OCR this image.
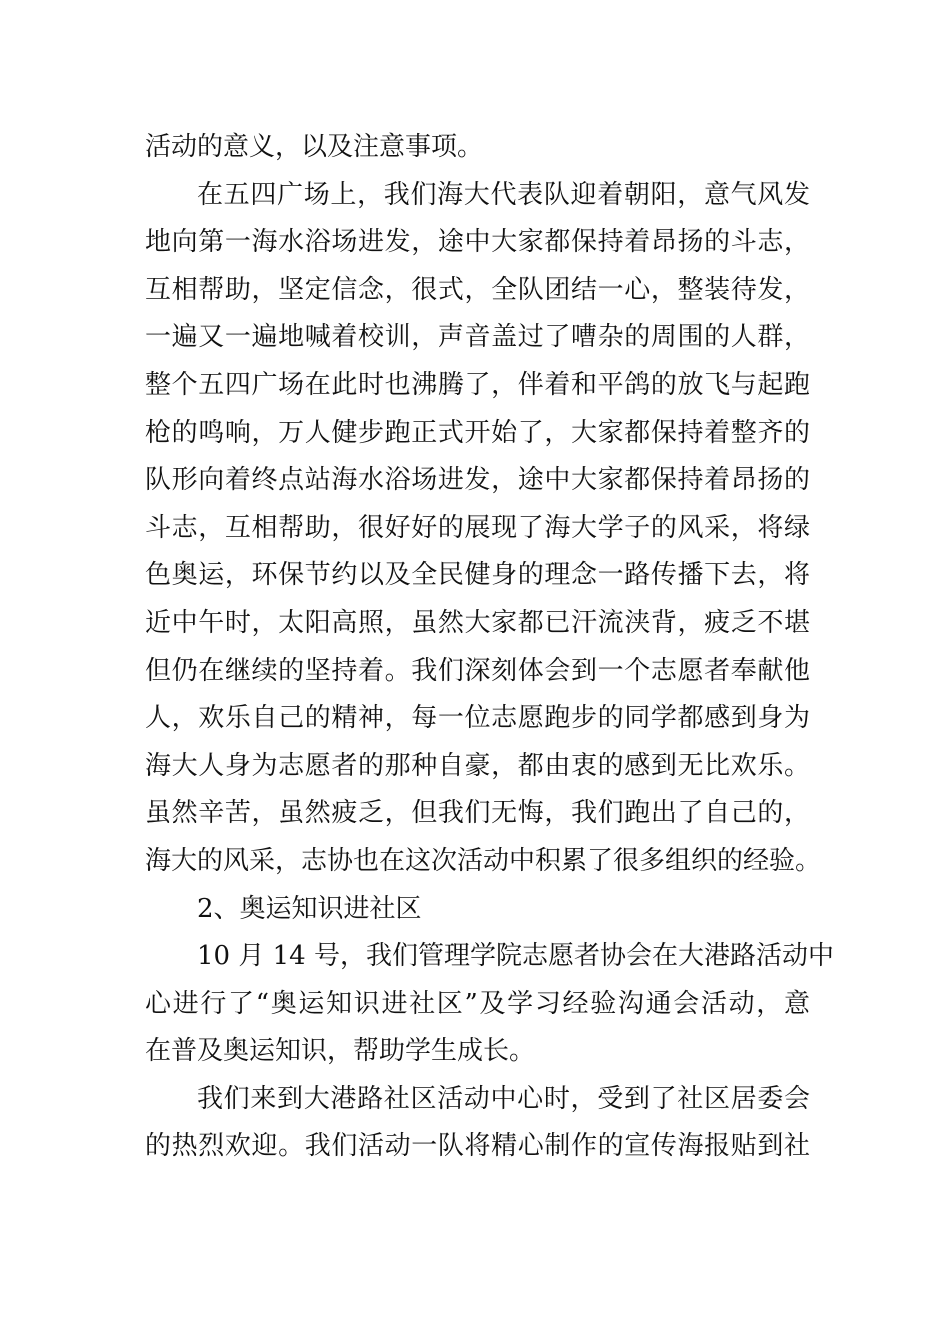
活动的意义，以及注意事项。
在五四广场上，我们海大代表队迎着朝阳，意气风发
地向第一海水浴场进发，途中大家都保持着昂扬的斗志，
互相帮助，坚定信念，很式，全队团结一心，整装待发，
一遍又一遍地喊着校训，声音盖过了嘈杂的周围的人群，
整个五四广场在此时也沸腾了，伴着和平鸽的放飞与起跑
枪的鸣响，万人健步跑正式开始了，大家都保持着整齐的
队形向着终点站海水浴场进发，途中大家都保持着昂扬的
斗志，互相帮助，很好好的展现了海大学子的风采，将绿
色奥运，环保节约以及全民健身的理念一路传播下去，将
近中午时，太阳高照，虽然大家都已汗流浃背，疲乏不堪
但仍在继续的坚持着。我们深刻体会到一个志愿者奉献他
人，欢乐自己的精神，每一位志愿跑步的同学都感到身为
海大人身为志愿者的那种自豪，都由衷的感到无比欢乐。
虽然辛苦，虽然疲乏，但我们无悔，我们跑出了自己的，
海大的风采，志协也在这次活动中积累了很多组织的经验。
2、奥运知识进社区
10 月 14 号，我们管理学院志愿者协会在大港路活动中
心进行了“奥运知识进社区”及学习经验沟通会活动，意
在普及奥运知识，帮助学生成长。
我们来到大港路社区活动中心时，受到了社区居委会
的热烈欢迎。我们活动一队将精心制作的宣传海报贴到社
